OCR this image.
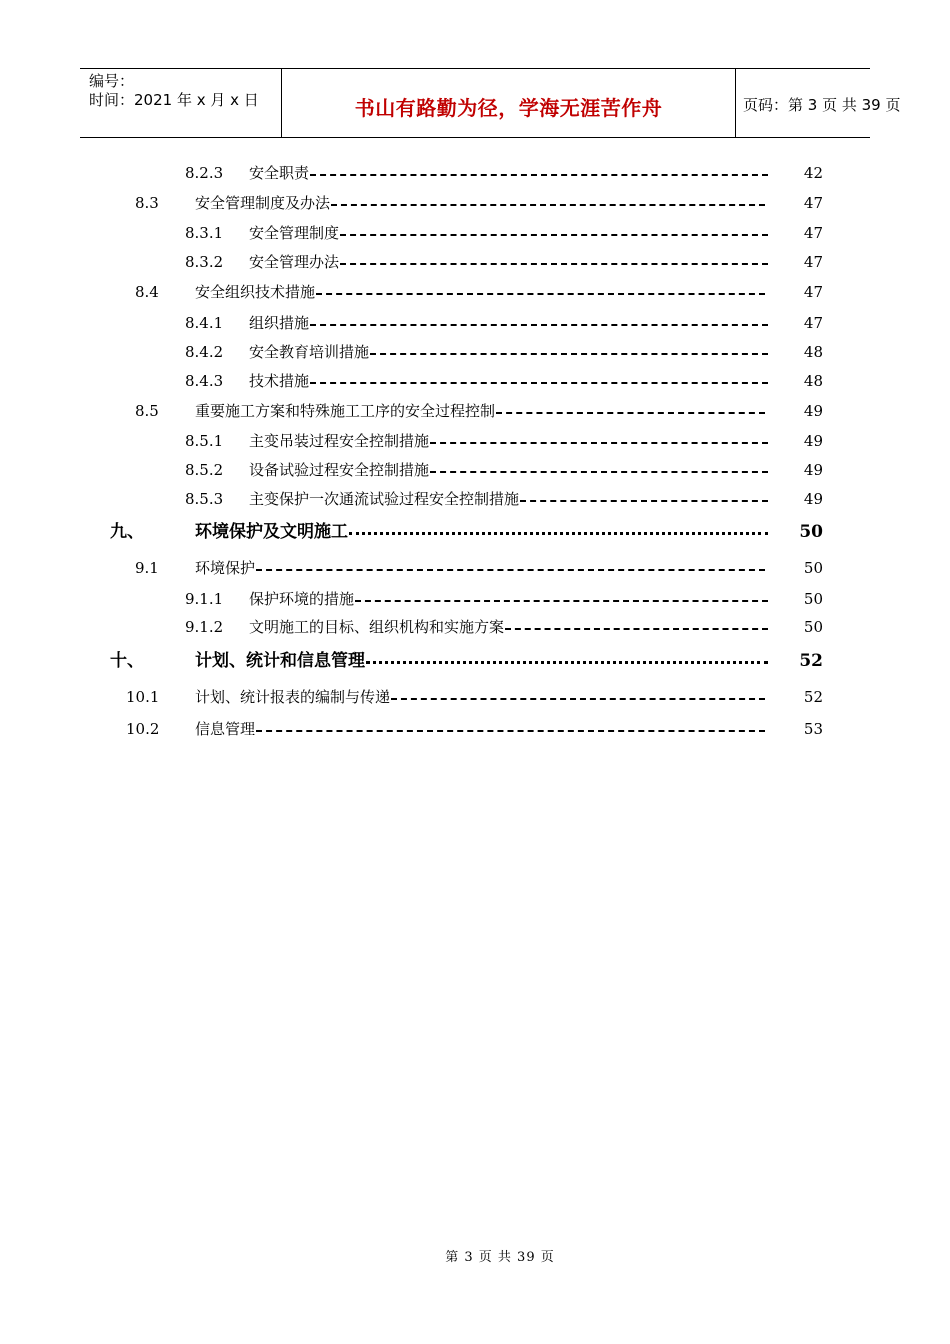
编号：
时间：2021 年 x 月 x 日	书山有路勤为径，学海无涯苦作舟	页码：第 3 页 共 39 页
8.2.3 安全职责	42
8.3 安全管理制度及办法	47
8.3.1 安全管理制度	47
8.3.2 安全管理办法	47
8.4 安全组织技术措施	47
8.4.1 组织措施	47
8.4.2 安全教育培训措施	48
8.4.3 技术措施	48
8.5 重要施工方案和特殊施工工序的安全过程控制	49
8.5.1 主变吊装过程安全控制措施	49
8.5.2 设备试验过程安全控制措施	49
8.5.3 主变保护一次通流试验过程安全控制措施	49
九、	环境保护及文明施工	50
9.1 环境保护	50
9.1.1 保护环境的措施	50
9.1.2 文明施工的目标、组织机构和实施方案	50
十、	计划、统计和信息管理	52
10.1 计划、统计报表的编制与传递	52
10.2 信息管理	53
第 3 页 共 39 页
